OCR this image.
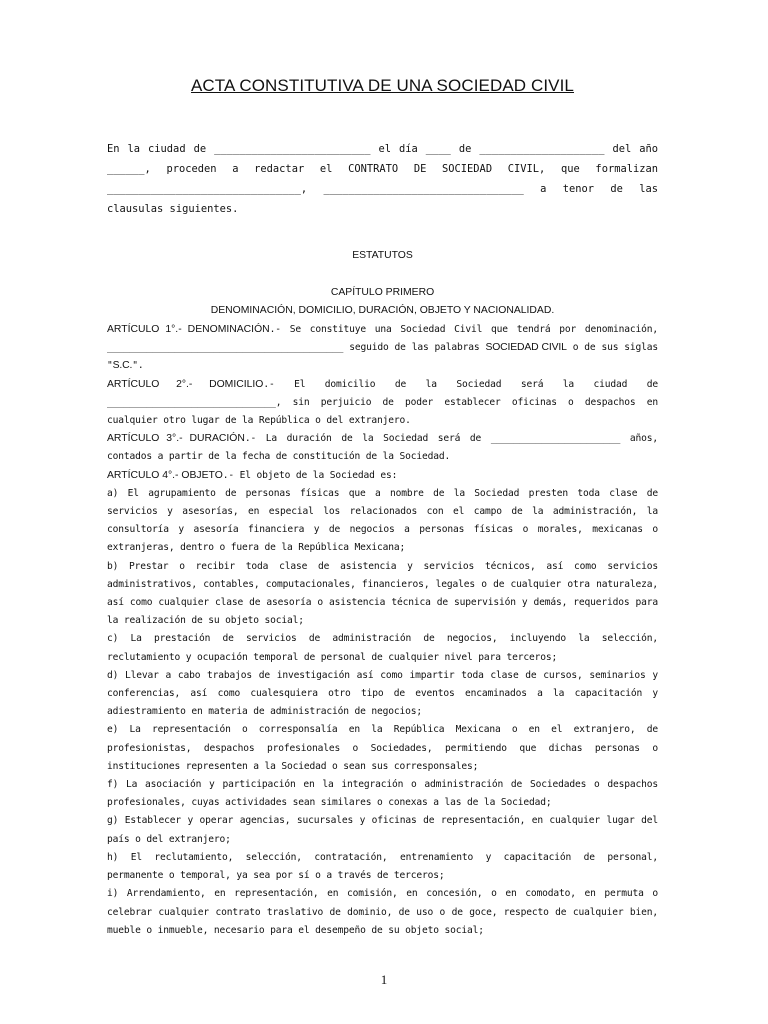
ACTA CONSTITUTIVA DE UNA SOCIEDAD CIVIL

En la ciudad de _________________________ el día ____ de ____________________ del año ______, proceden a redactar el CONTRATO DE SOCIEDAD CIVIL, que formalizan _______________________________, ________________________________ a tenor de las clausulas siguientes.

ESTATUTOS
CAPÍTULO PRIMERO
DENOMINACIÓN, DOMICILIO, DURACIÓN, OBJETO Y NACIONALIDAD.

ARTÍCULO 1°.- DENOMINACIÓN.- Se constituye una Sociedad Civil que tendrá por denominación, __________________________________________ seguido de las palabras SOCIEDAD CIVIL o de sus siglas "S.C.".

ARTÍCULO 2°.- DOMICILIO.- El domicilio de la Sociedad será la ciudad de ______________________________, sin perjuicio de poder establecer oficinas o despachos en cualquier otro lugar de la República o del extranjero.

ARTÍCULO 3°.- DURACIÓN.- La duración de la Sociedad será de _______________________ años, contados a partir de la fecha de constitución de la Sociedad.

ARTÍCULO 4°.- OBJETO.- El objeto de la Sociedad es:

a) El agrupamiento de personas físicas que a nombre de la Sociedad presten toda clase de servicios y asesorías, en especial los relacionados con el campo de la administración, la consultoría y asesoría financiera y de negocios a personas físicas o morales, mexicanas o extranjeras, dentro o fuera de la República Mexicana;

b) Prestar o recibir toda clase de asistencia y servicios técnicos, así como servicios administrativos, contables, computacionales, financieros, legales o de cualquier otra naturaleza, así como cualquier clase de asesoría o asistencia técnica de supervisión y demás, requeridos para la realización de su objeto social;

c) La prestación de servicios de administración de negocios, incluyendo la selección, reclutamiento y ocupación temporal de personal de cualquier nivel para terceros;

d) Llevar a cabo trabajos de investigación así como impartir toda clase de cursos, seminarios y conferencias, así como cualesquiera otro tipo de eventos encaminados a la capacitación y adiestramiento en materia de administración de negocios;

e) La representación o corresponsalía en la República Mexicana o en el extranjero, de profesionistas, despachos profesionales o Sociedades, permitiendo que dichas personas o instituciones representen a la Sociedad o sean sus corresponsales;

f) La asociación y participación en la integración o administración de Sociedades o despachos profesionales, cuyas actividades sean similares o conexas a las de la Sociedad;

g) Establecer y operar agencias, sucursales y oficinas de representación, en cualquier lugar del país o del extranjero;

h) El reclutamiento, selección, contratación, entrenamiento y capacitación de personal, permanente o temporal, ya sea por sí o a través de terceros;

i) Arrendamiento, en representación, en comisión, en concesión, o en comodato, en permuta o celebrar cualquier contrato traslativo de dominio, de uso o de goce, respecto de cualquier bien, mueble o inmueble, necesario para el desempeño de su objeto social;

1
